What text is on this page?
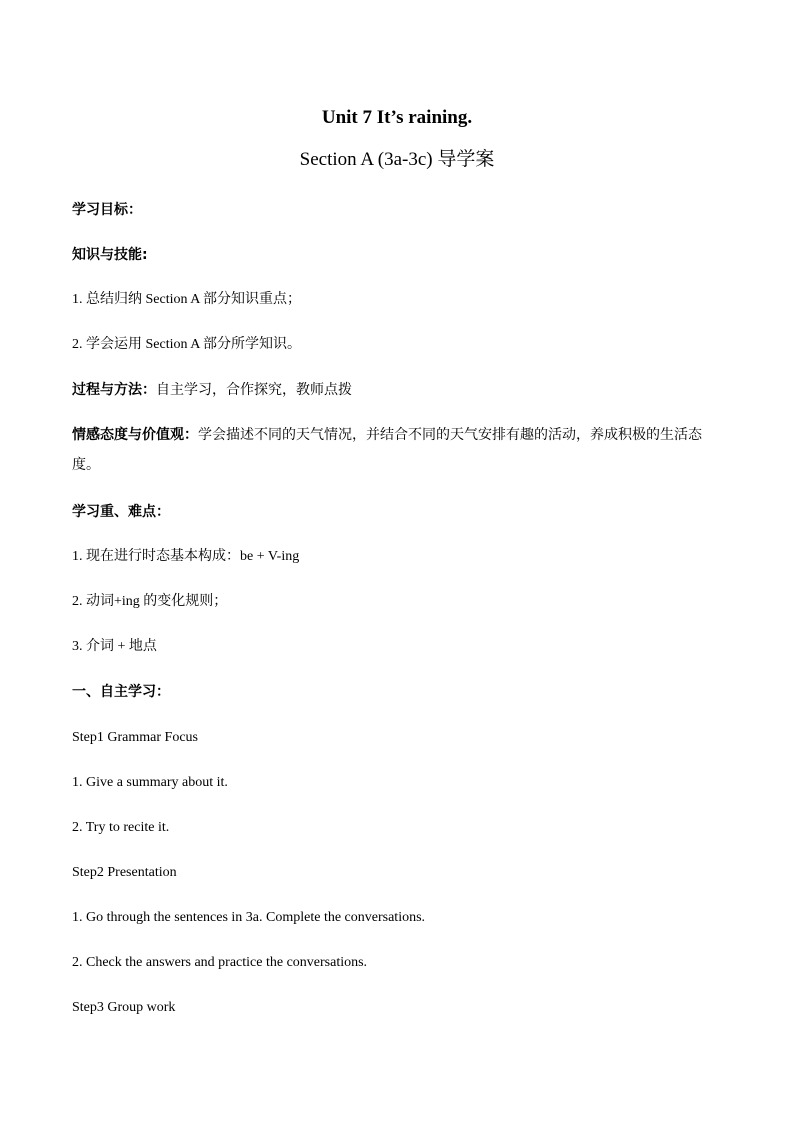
Unit 7 It’s raining.
Section A (3a-3c) 导学案
学习目标：
知识与技能:
1. 总结归纳 Section A 部分知识重点；
2. 学会运用 Section A 部分所学知识。
过程与方法：自主学习，合作探究，教师点拨
情感态度与价值观：学会描述不同的天气情况，并结合不同的天气安排有趣的活动，养成积极的生活态度。
学习重、难点：
1. 现在进行时态基本构成：be + V-ing
2. 动词+ing 的变化规则；
3. 介词 + 地点
一、自主学习：
Step1 Grammar Focus
1. Give a summary about it.
2. Try to recite it.
Step2 Presentation
1. Go through the sentences in 3a. Complete the conversations.
2. Check the answers and practice the conversations.
Step3 Group work
